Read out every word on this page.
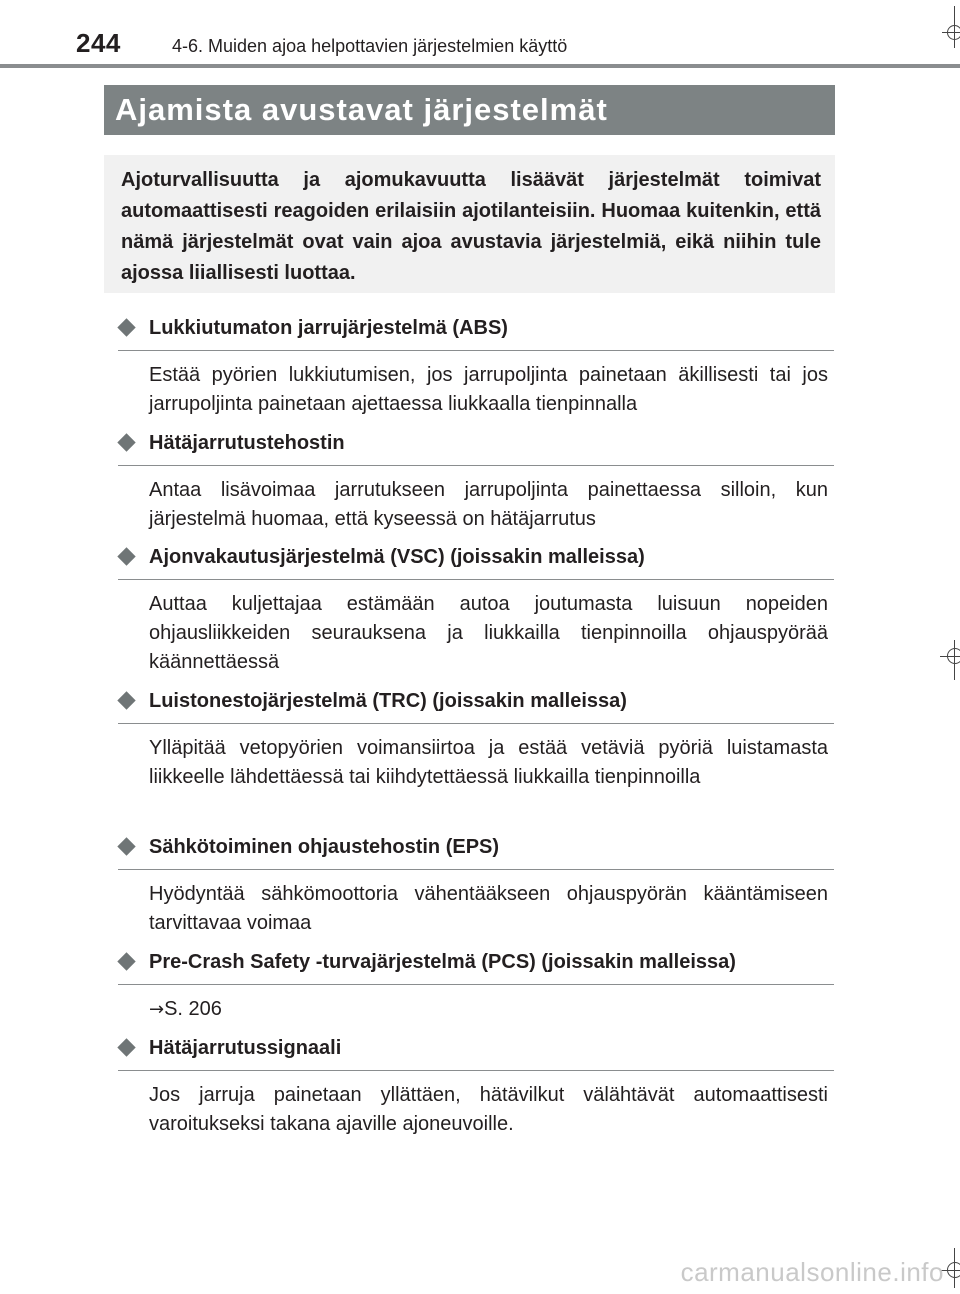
244	4-6. Muiden ajoa helpottavien järjestelmien käyttö
Ajamista avustavat järjestelmät

Ajoturvallisuutta ja ajomukavuutta lisäävät järjestelmät toimivat automaattisesti reagoiden erilaisiin ajotilanteisiin. Huomaa kuitenkin, että nämä järjestelmät ovat vain ajoa avustavia järjestelmiä, eikä niihin tule ajossa liiallisesti luottaa.

Lukkiutumaton jarrujärjestelmä (ABS)
Estää pyörien lukkiutumisen, jos jarrupoljinta painetaan äkillisesti tai jos jarrupoljinta painetaan ajettaessa liukkaalla tienpinnalla
Hätäjarrutustehostin
Antaa lisävoimaa jarrutukseen jarrupoljinta painettaessa silloin, kun järjestelmä huomaa, että kyseessä on hätäjarrutus
Ajonvakautusjärjestelmä (VSC) (joissakin malleissa)
Auttaa kuljettajaa estämään autoa joutumasta luisuun nopeiden ohjausliikkeiden seurauksena ja liukkailla tienpinnoilla ohjauspyörää käännettäessä
Luistonestojärjestelmä (TRC) (joissakin malleissa)
Ylläpitää vetopyörien voimansiirtoa ja estää vetäviä pyöriä luistamasta liikkeelle lähdettäessä tai kiihdytettäessä liukkailla tienpinnoilla
Sähkötoiminen ohjaustehostin (EPS)
Hyödyntää sähkömoottoria vähentääkseen ohjauspyörän kääntämiseen tarvittavaa voimaa
Pre-Crash Safety -turvajärjestelmä (PCS) (joissakin malleissa)
→S. 206
Hätäjarrutussignaali
Jos jarruja painetaan yllättäen, hätävilkut välähtävät automaattisesti varoitukseksi takana ajaville ajoneuvoille.
carmanualsonline.info
